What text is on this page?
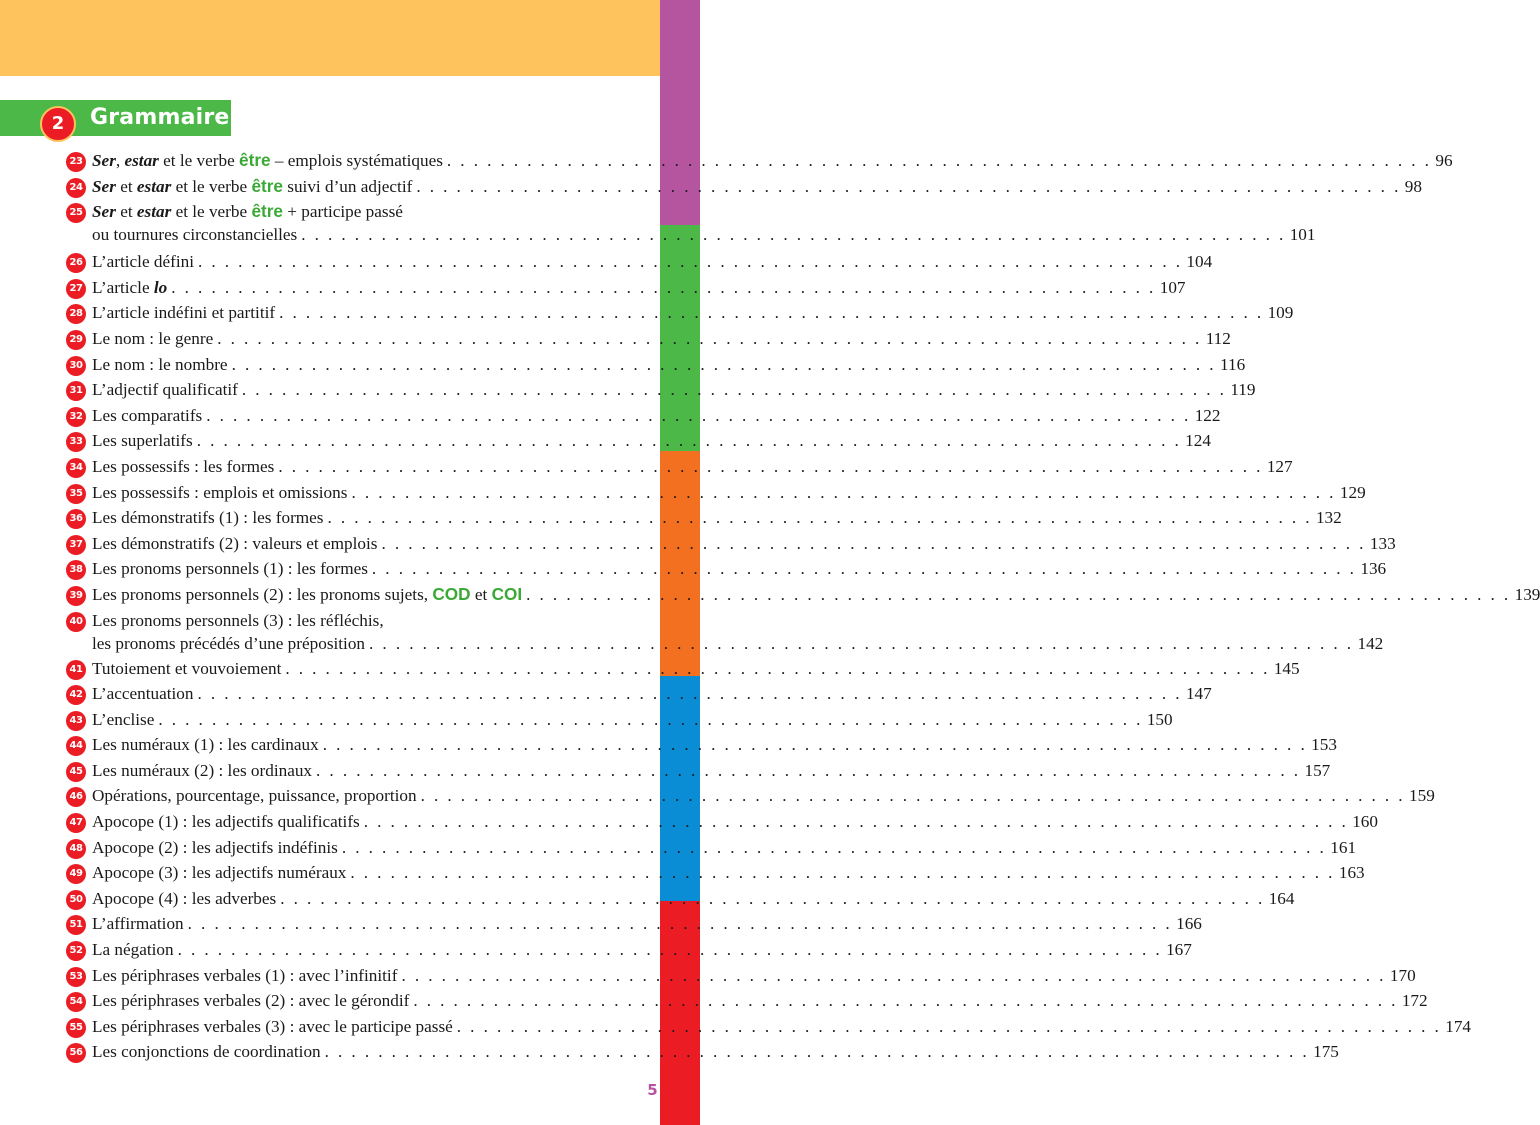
Grammaire
2
23 Ser, estar et le verbe être – emplois systématiques . . . . . . . . . . . . . . . . . . . . . . . . . . . . . . . . . . . . . . . . . . . . . . . . . . . . . . . . . . . . . . . . . . . . . . . . . . 96
24 Ser et estar et le verbe être suivi d’un adjectif . . . . . . . . . . . . . . . . . . . . . . . . . . . . . . . . . . . . . . . . . . . . . . . . . . . . . . . . . . . . . . . . . . . . . . . . . . 98
25 Ser et estar et le verbe être + participe passé
ou tournures circonstancielles . . . . . . . . . . . . . . . . . . . . . . . . . . . . . . . . . . . . . . . . . . . . . . . . . . . . . . . . . . . . . . . . . . . . . . . . . . 101
26 L’article défini . . . . . . . . . . . . . . . . . . . . . . . . . . . . . . . . . . . . . . . . . . . . . . . . . . . . . . . . . . . . . . . . . . . . . . . . . . 104
27 L’article lo . . . . . . . . . . . . . . . . . . . . . . . . . . . . . . . . . . . . . . . . . . . . . . . . . . . . . . . . . . . . . . . . . . . . . . . . . . 107
28 L’article indéfini et partitif . . . . . . . . . . . . . . . . . . . . . . . . . . . . . . . . . . . . . . . . . . . . . . . . . . . . . . . . . . . . . . . . . . . . . . . . . . 109
29 Le nom : le genre . . . . . . . . . . . . . . . . . . . . . . . . . . . . . . . . . . . . . . . . . . . . . . . . . . . . . . . . . . . . . . . . . . . . . . . . . . 112
30 Le nom : le nombre . . . . . . . . . . . . . . . . . . . . . . . . . . . . . . . . . . . . . . . . . . . . . . . . . . . . . . . . . . . . . . . . . . . . . . . . . . 116
31 L’adjectif qualificatif . . . . . . . . . . . . . . . . . . . . . . . . . . . . . . . . . . . . . . . . . . . . . . . . . . . . . . . . . . . . . . . . . . . . . . . . . . 119
32 Les comparatifs . . . . . . . . . . . . . . . . . . . . . . . . . . . . . . . . . . . . . . . . . . . . . . . . . . . . . . . . . . . . . . . . . . . . . . . . . . 122
33 Les superlatifs . . . . . . . . . . . . . . . . . . . . . . . . . . . . . . . . . . . . . . . . . . . . . . . . . . . . . . . . . . . . . . . . . . . . . . . . . . 124
34 Les possessifs : les formes . . . . . . . . . . . . . . . . . . . . . . . . . . . . . . . . . . . . . . . . . . . . . . . . . . . . . . . . . . . . . . . . . . . . . . . . . . 127
35 Les possessifs : emplois et omissions . . . . . . . . . . . . . . . . . . . . . . . . . . . . . . . . . . . . . . . . . . . . . . . . . . . . . . . . . . . . . . . . . . . . . . . . . . 129
36 Les démonstratifs (1) : les formes . . . . . . . . . . . . . . . . . . . . . . . . . . . . . . . . . . . . . . . . . . . . . . . . . . . . . . . . . . . . . . . . . . . . . . . . . . 132
37 Les démonstratifs (2) : valeurs et emplois . . . . . . . . . . . . . . . . . . . . . . . . . . . . . . . . . . . . . . . . . . . . . . . . . . . . . . . . . . . . . . . . . . . . . . . . . . 133
38 Les pronoms personnels (1) : les formes . . . . . . . . . . . . . . . . . . . . . . . . . . . . . . . . . . . . . . . . . . . . . . . . . . . . . . . . . . . . . . . . . . . . . . . . . . 136
39 Les pronoms personnels (2) : les pronoms sujets, COD et COI . . . . . . . . . . . . . . . . . . . . . . . . . . . . . . . . . . . . . . . . . . . . . . . . . . . . . . . . . . . . . . . . . . . . . . . . . . 139
40 Les pronoms personnels (3) : les réfléchis,
les pronoms précédés d’une préposition . . . . . . . . . . . . . . . . . . . . . . . . . . . . . . . . . . . . . . . . . . . . . . . . . . . . . . . . . . . . . . . . . . . . . . . . . . 142
41 Tutoiement et vouvoiement . . . . . . . . . . . . . . . . . . . . . . . . . . . . . . . . . . . . . . . . . . . . . . . . . . . . . . . . . . . . . . . . . . . . . . . . . . 145
42 L’accentuation . . . . . . . . . . . . . . . . . . . . . . . . . . . . . . . . . . . . . . . . . . . . . . . . . . . . . . . . . . . . . . . . . . . . . . . . . . 147
43 L’enclise . . . . . . . . . . . . . . . . . . . . . . . . . . . . . . . . . . . . . . . . . . . . . . . . . . . . . . . . . . . . . . . . . . . . . . . . . . 150
44 Les numéraux (1) : les cardinaux . . . . . . . . . . . . . . . . . . . . . . . . . . . . . . . . . . . . . . . . . . . . . . . . . . . . . . . . . . . . . . . . . . . . . . . . . . 153
45 Les numéraux (2) : les ordinaux . . . . . . . . . . . . . . . . . . . . . . . . . . . . . . . . . . . . . . . . . . . . . . . . . . . . . . . . . . . . . . . . . . . . . . . . . . 157
46 Opérations, pourcentage, puissance, proportion . . . . . . . . . . . . . . . . . . . . . . . . . . . . . . . . . . . . . . . . . . . . . . . . . . . . . . . . . . . . . . . . . . . . . . . . . . 159
47 Apocope (1) : les adjectifs qualificatifs . . . . . . . . . . . . . . . . . . . . . . . . . . . . . . . . . . . . . . . . . . . . . . . . . . . . . . . . . . . . . . . . . . . . . . . . . . 160
48 Apocope (2) : les adjectifs indéfinis . . . . . . . . . . . . . . . . . . . . . . . . . . . . . . . . . . . . . . . . . . . . . . . . . . . . . . . . . . . . . . . . . . . . . . . . . . 161
49 Apocope (3) : les adjectifs numéraux . . . . . . . . . . . . . . . . . . . . . . . . . . . . . . . . . . . . . . . . . . . . . . . . . . . . . . . . . . . . . . . . . . . . . . . . . . 163
50 Apocope (4) : les adverbes . . . . . . . . . . . . . . . . . . . . . . . . . . . . . . . . . . . . . . . . . . . . . . . . . . . . . . . . . . . . . . . . . . . . . . . . . . 164
51 L’affirmation . . . . . . . . . . . . . . . . . . . . . . . . . . . . . . . . . . . . . . . . . . . . . . . . . . . . . . . . . . . . . . . . . . . . . . . . . . 166
52 La négation . . . . . . . . . . . . . . . . . . . . . . . . . . . . . . . . . . . . . . . . . . . . . . . . . . . . . . . . . . . . . . . . . . . . . . . . . . 167
53 Les périphrases verbales (1) : avec l’infinitif . . . . . . . . . . . . . . . . . . . . . . . . . . . . . . . . . . . . . . . . . . . . . . . . . . . . . . . . . . . . . . . . . . . . . . . . . . 170
54 Les périphrases verbales (2) : avec le gérondif . . . . . . . . . . . . . . . . . . . . . . . . . . . . . . . . . . . . . . . . . . . . . . . . . . . . . . . . . . . . . . . . . . . . . . . . . . 172
55 Les périphrases verbales (3) : avec le participe passé . . . . . . . . . . . . . . . . . . . . . . . . . . . . . . . . . . . . . . . . . . . . . . . . . . . . . . . . . . . . . . . . . . . . . . . . . . 174
56 Les conjonctions de coordination . . . . . . . . . . . . . . . . . . . . . . . . . . . . . . . . . . . . . . . . . . . . . . . . . . . . . . . . . . . . . . . . . . . . . . . . . . 175
5
